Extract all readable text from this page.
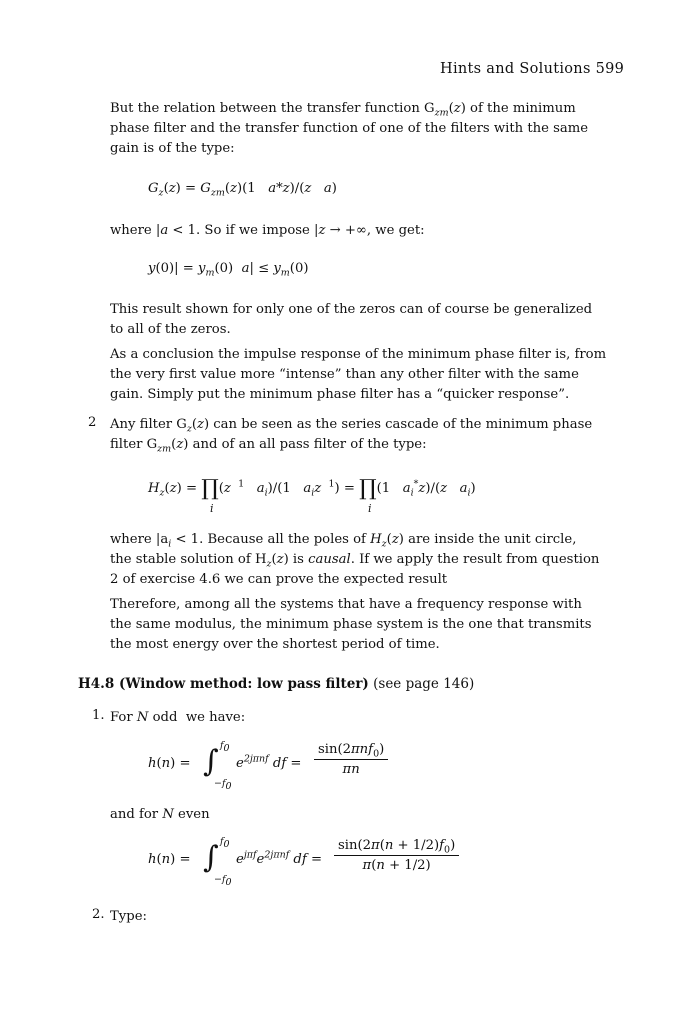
Hints and Solutions 599
But the relation between the transfer function $G_{zm}(z)$ of the minimum
phase filter and the transfer function of one of the filters with the same
gain is of the type:
$G_z(z) = G_{zm}(z)(1$   a*z)/(z a)
where |a < 1. So if we impose |z → +∞, we get:
$y(0)| = y_m(0) a| \le y_m(0)$
This result shown for only one of the zeros can of course be generalized
to all of the zeros.
As a conclusion the impulse response of the minimum phase filter is, from
the very first value more “intense” than any other filter with the same
gain. Simply put the minimum phase filter has a “quicker response”.
2 Any filter $G_z(z)$ can be seen as the series cascade of the minimum phase
filter $G_{zm}(z)$ and of an all pass filter of the type:
$H_z(z)$ = ∏(z  $^1$ $a_i)/(1$   $a_iz$  $^1$) = ∏(1   $a_i^*z)/(z$ $a_i$)
i	i
where $|a_i < 1$. Because all the poles of $H_z(z)$ are inside the unit circle,
the stable solution of $H_z(z)$ is causal. If we apply the result from question
2 of exercise 4.6 we can prove the expected result
Therefore, among all the systems that have a frequency response with
the same modulus, the minimum phase system is the one that transmits
the most energy over the shortest period of time.
H4.8 (Window method: low pass filter) (see page 146)
1. For N odd  we have:
h(n) = ∫ $f_0$
$-f_0$
$e^{2j\pi nf}$ df =
sin(2πnf$_0$)
πn
and for N even
h(n) = ∫ $f_0$
$-f_0$
$e^{j\pi f}e^{2j\pi nf}$ df = $\frac{\sin(2\pi(n + 1/2)f_0)}{\pi(n + 1/2)}$
2. Type:
